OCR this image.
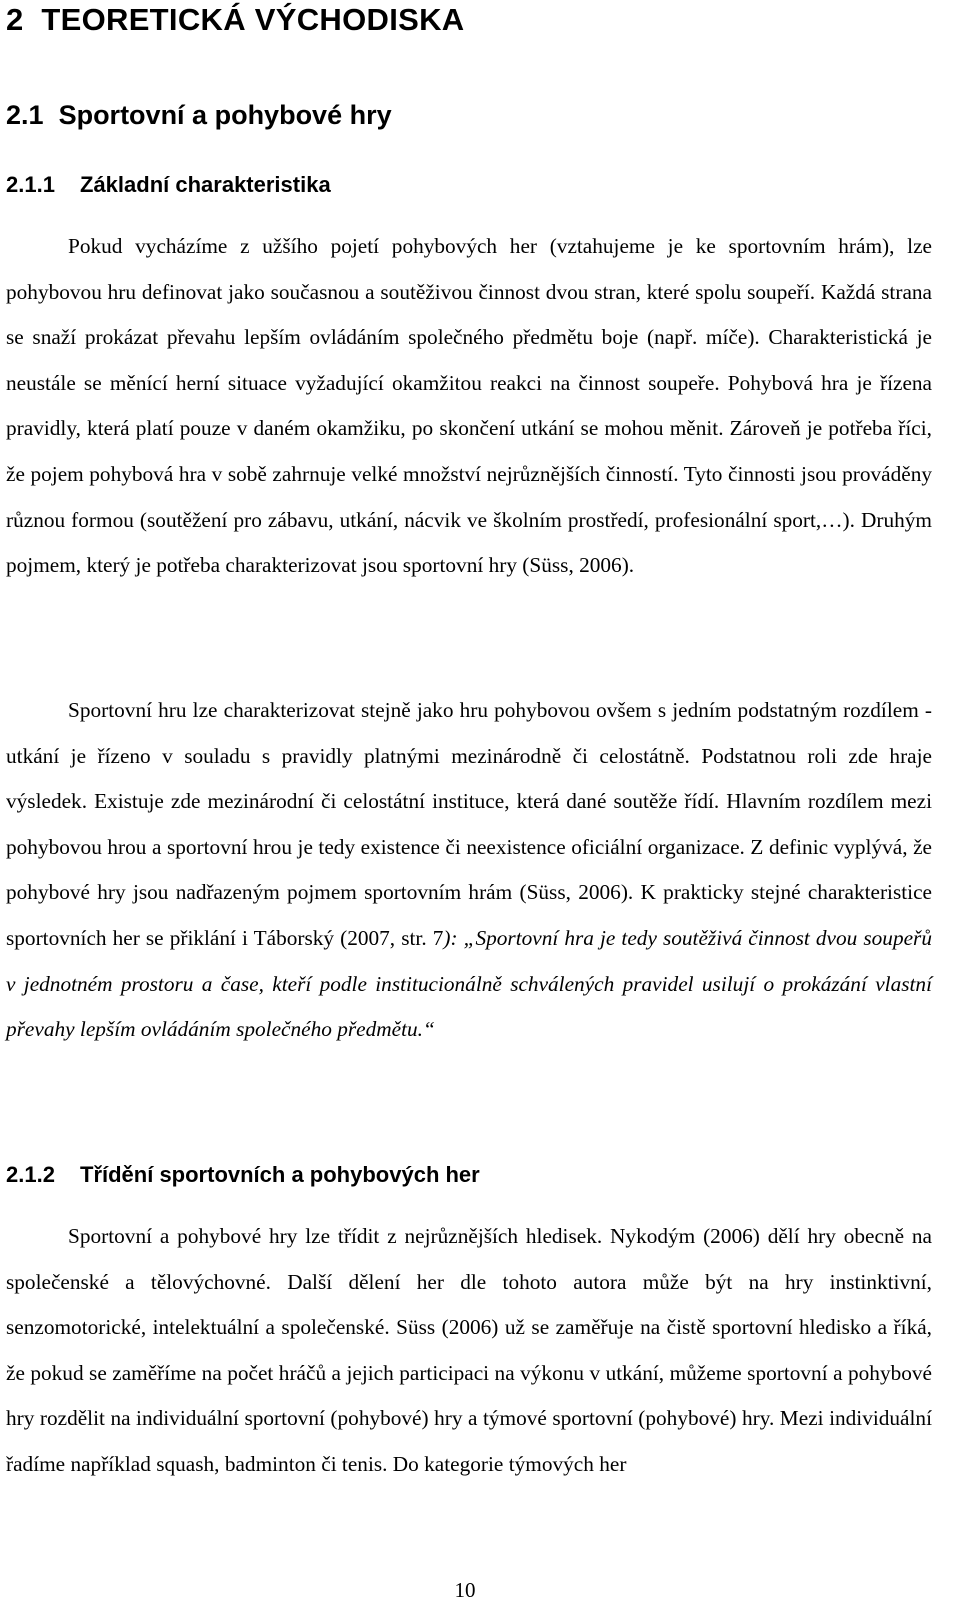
2 TEORETICKÁ VÝCHODISKA
2.1 Sportovní a pohybové hry
2.1.1 Základní charakteristika

Pokud vycházíme z užšího pojetí pohybových her (vztahujeme je ke sportovním hrám), lze pohybovou hru definovat jako současnou a soutěživou činnost dvou stran, které spolu soupeří. Každá strana se snaží prokázat převahu lepším ovládáním společného předmětu boje (např. míče). Charakteristická je neustále se měnící herní situace vyžadující okamžitou reakci na činnost soupeře. Pohybová hra je řízena pravidly, která platí pouze v daném okamžiku, po skončení utkání se mohou měnit. Zároveň je potřeba říci, že pojem pohybová hra v sobě zahrnuje velké množství nejrůznějších činností. Tyto činnosti jsou prováděny různou formou (soutěžení pro zábavu, utkání, nácvik ve školním prostředí, profesionální sport,…). Druhým pojmem, který je potřeba charakterizovat jsou sportovní hry (Süss, 2006).

Sportovní hru lze charakterizovat stejně jako hru pohybovou ovšem s jedním podstatným rozdílem - utkání je řízeno v souladu s pravidly platnými mezinárodně či celostátně. Podstatnou roli zde hraje výsledek. Existuje zde mezinárodní či celostátní instituce, která dané soutěže řídí. Hlavním rozdílem mezi pohybovou hrou a sportovní hrou je tedy existence či neexistence oficiální organizace. Z definic vyplývá, že pohybové hry jsou nadřazeným pojmem sportovním hrám (Süss, 2006). K prakticky stejné charakteristice sportovních her se přiklání i Táborský (2007, str. 7): „Sportovní hra je tedy soutěživá činnost dvou soupeřů v jednotném prostoru a čase, kteří podle institucionálně schválených pravidel usilují o prokázání vlastní převahy lepším ovládáním společného předmětu.“

2.1.2 Třídění sportovních a pohybových her

Sportovní a pohybové hry lze třídit z nejrůznějších hledisek. Nykodým (2006) dělí hry obecně na společenské a tělovýchovné. Další dělení her dle tohoto autora může být na hry instinktivní, senzomotorické, intelektuální a společenské. Süss (2006) už se zaměřuje na čistě sportovní hledisko a říká, že pokud se zaměříme na počet hráčů a jejich participaci na výkonu v utkání, můžeme sportovní a pohybové hry rozdělit na individuální sportovní (pohybové) hry a týmové sportovní (pohybové) hry. Mezi individuální řadíme například squash, badminton či tenis. Do kategorie týmových her

10
